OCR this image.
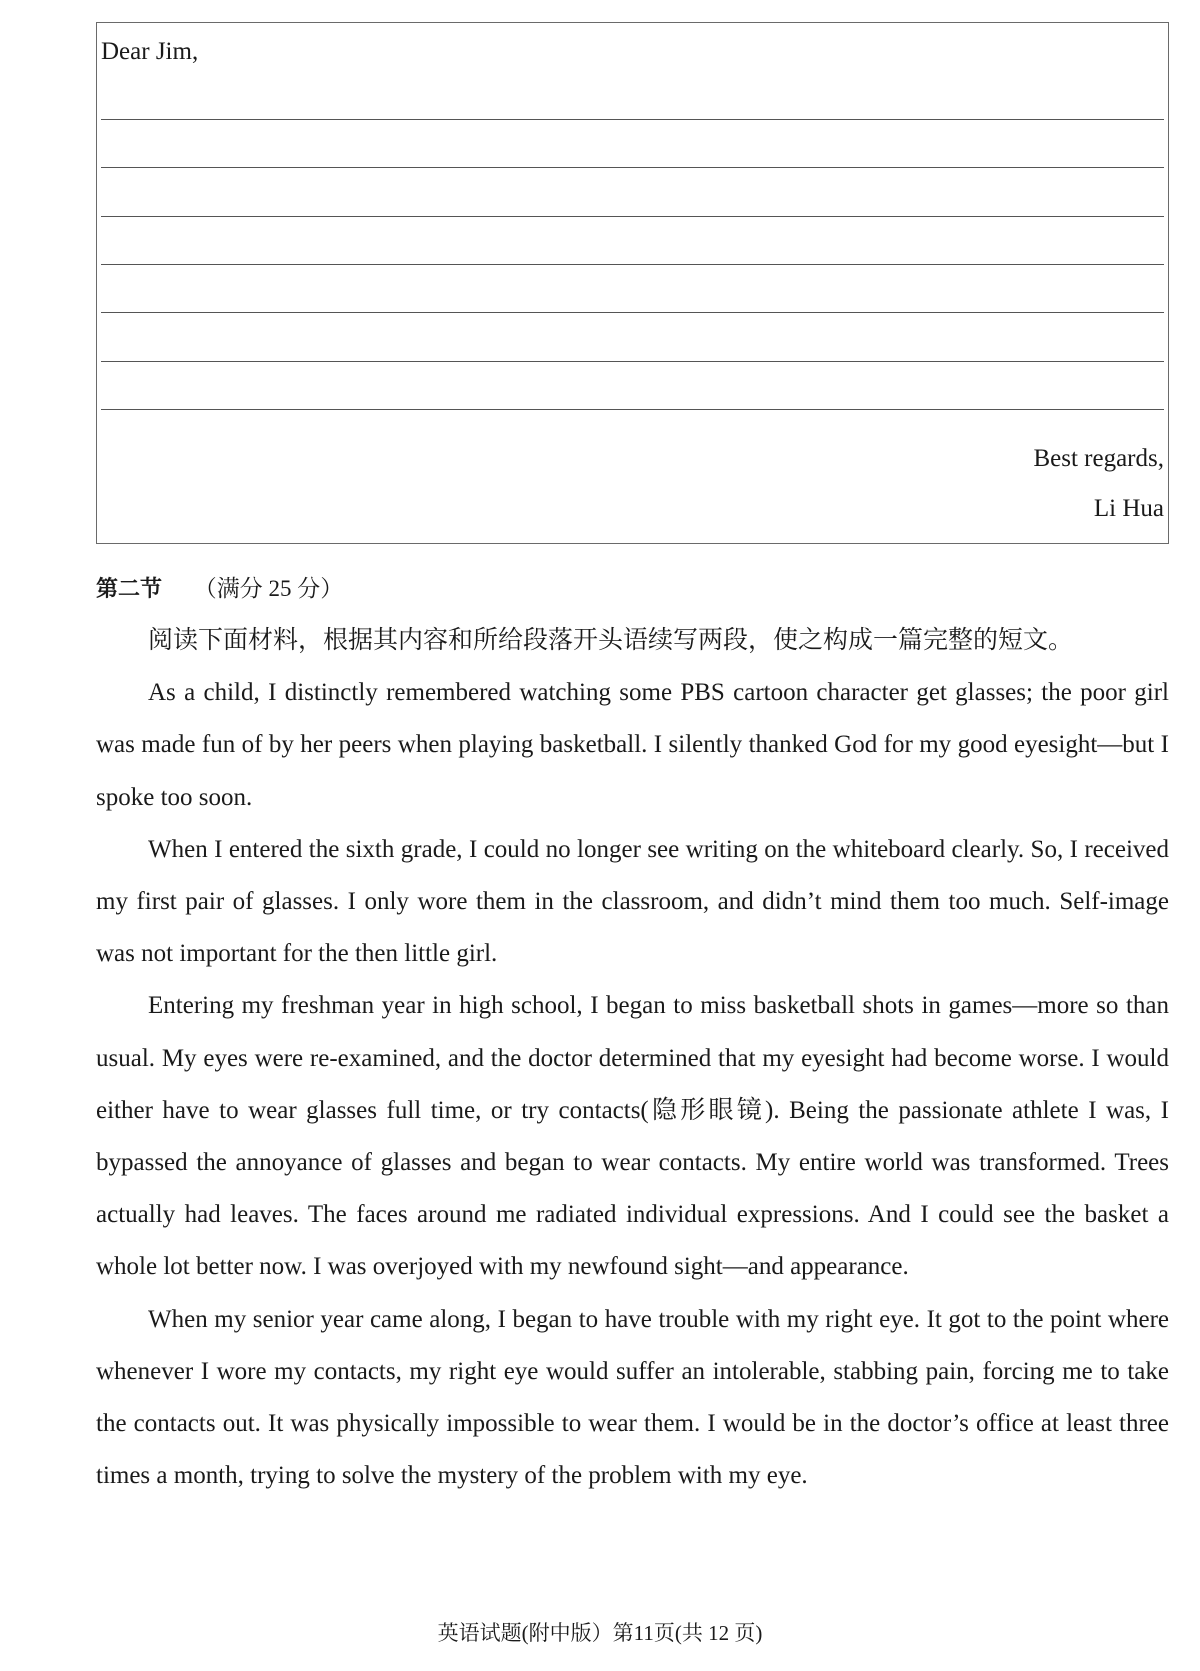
Dear Jim,
Best regards,
Li Hua
第二节 （满分 25 分）

阅读下面材料，根据其内容和所给段落开头语续写两段，使之构成一篇完整的短文。

As a child, I distinctly remembered watching some PBS cartoon character get glasses; the poor girl was made fun of by her peers when playing basketball. I silently thanked God for my good eyesight—but I spoke too soon.

When I entered the sixth grade, I could no longer see writing on the whiteboard clearly. So, I received my first pair of glasses. I only wore them in the classroom, and didn’t mind them too much. Self-image was not important for the then little girl.

Entering my freshman year in high school, I began to miss basketball shots in games—more so than usual. My eyes were re-examined, and the doctor determined that my eyesight had become worse. I would either have to wear glasses full time, or try contacts(隐形眼镜). Being the passionate athlete I was, I bypassed the annoyance of glasses and began to wear contacts. My entire world was transformed. Trees actually had leaves. The faces around me radiated individual expressions. And I could see the basket a whole lot better now. I was overjoyed with my newfound sight—and appearance.

When my senior year came along, I began to have trouble with my right eye. It got to the point where whenever I wore my contacts, my right eye would suffer an intolerable, stabbing pain, forcing me to take the contacts out. It was physically impossible to wear them. I would be in the doctor’s office at least three times a month, trying to solve the mystery of the problem with my eye.

英语试题(附中版）第11页(共 12 页)
